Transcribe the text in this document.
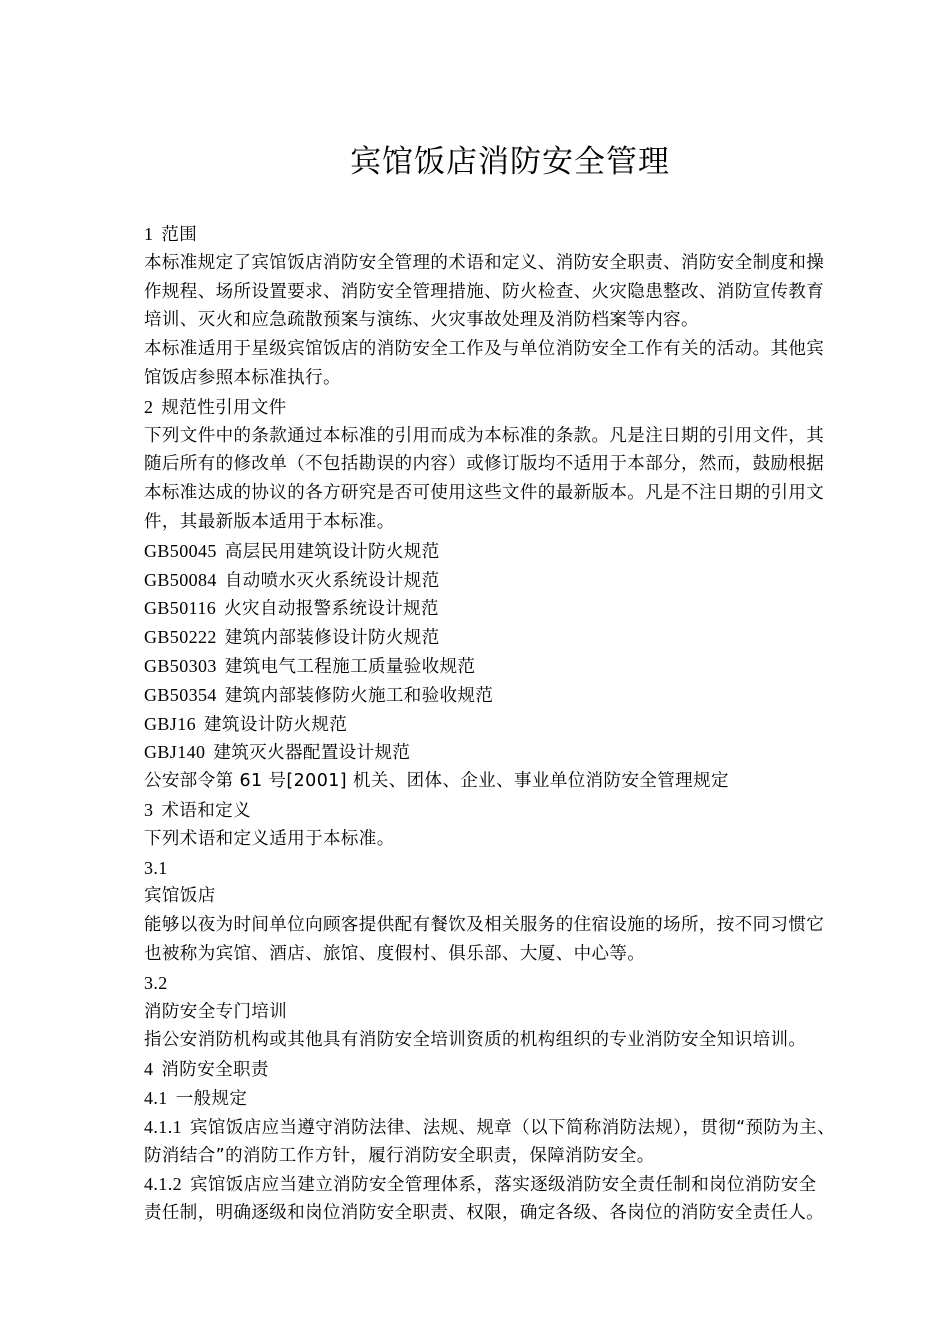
宾馆饭店消防安全管理
1 范围
本标准规定了宾馆饭店消防安全管理的术语和定义、消防安全职责、消防安全制度和操
作规程、场所设置要求、消防安全管理措施、防火检查、火灾隐患整改、消防宣传教育
培训、灭火和应急疏散预案与演练、火灾事故处理及消防档案等内容。
本标准适用于星级宾馆饭店的消防安全工作及与单位消防安全工作有关的活动。其他宾
馆饭店参照本标准执行。
2 规范性引用文件
下列文件中的条款通过本标准的引用而成为本标准的条款。凡是注日期的引用文件，其
随后所有的修改单（不包括勘误的内容）或修订版均不适用于本部分，然而，鼓励根据
本标准达成的协议的各方研究是否可使用这些文件的最新版本。凡是不注日期的引用文
件，其最新版本适用于本标准。
GB50045 高层民用建筑设计防火规范
GB50084 自动喷水灭火系统设计规范
GB50116 火灾自动报警系统设计规范
GB50222 建筑内部装修设计防火规范
GB50303 建筑电气工程施工质量验收规范
GB50354 建筑内部装修防火施工和验收规范
GBJ16 建筑设计防火规范
GBJ140 建筑灭火器配置设计规范
公安部令第 61 号[2001] 机关、团体、企业、事业单位消防安全管理规定
3 术语和定义
下列术语和定义适用于本标准。
3.1
宾馆饭店
能够以夜为时间单位向顾客提供配有餐饮及相关服务的住宿设施的场所，按不同习惯它
也被称为宾馆、酒店、旅馆、度假村、俱乐部、大厦、中心等。
3.2
消防安全专门培训
指公安消防机构或其他具有消防安全培训资质的机构组织的专业消防安全知识培训。
4 消防安全职责
4.1 一般规定
4.1.1 宾馆饭店应当遵守消防法律、法规、规章（以下简称消防法规），贯彻“预防为主、
防消结合”的消防工作方针，履行消防安全职责，保障消防安全。
4.1.2 宾馆饭店应当建立消防安全管理体系，落实逐级消防安全责任制和岗位消防安全
责任制，明确逐级和岗位消防安全职责、权限，确定各级、各岗位的消防安全责任人。
